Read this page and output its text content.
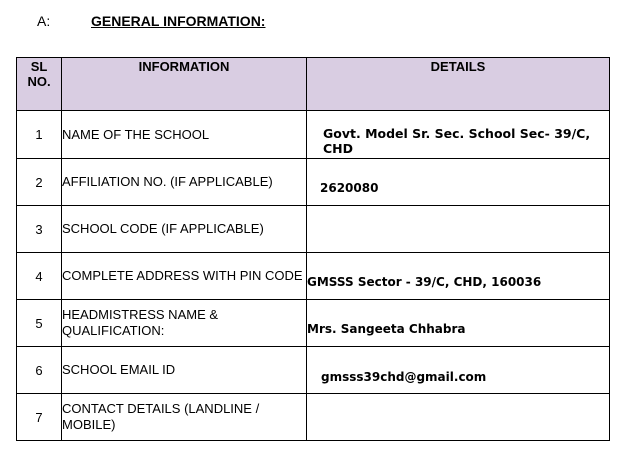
A:	GENERAL INFORMATION:
SL NO.	INFORMATION	DETAILS
1	NAME OF THE SCHOOL	Govt. Model Sr. Sec. School Sec- 39/C, CHD
2	AFFILIATION NO. (IF APPLICABLE)	2620080
3	SCHOOL CODE (IF APPLICABLE)	
4	COMPLETE ADDRESS WITH PIN CODE	GMSSS Sector - 39/C, CHD, 160036
5	HEADMISTRESS NAME & QUALIFICATION:	Mrs. Sangeeta Chhabra
6	SCHOOL EMAIL ID	gmsss39chd@gmail.com
7	CONTACT DETAILS (LANDLINE / MOBILE)	
